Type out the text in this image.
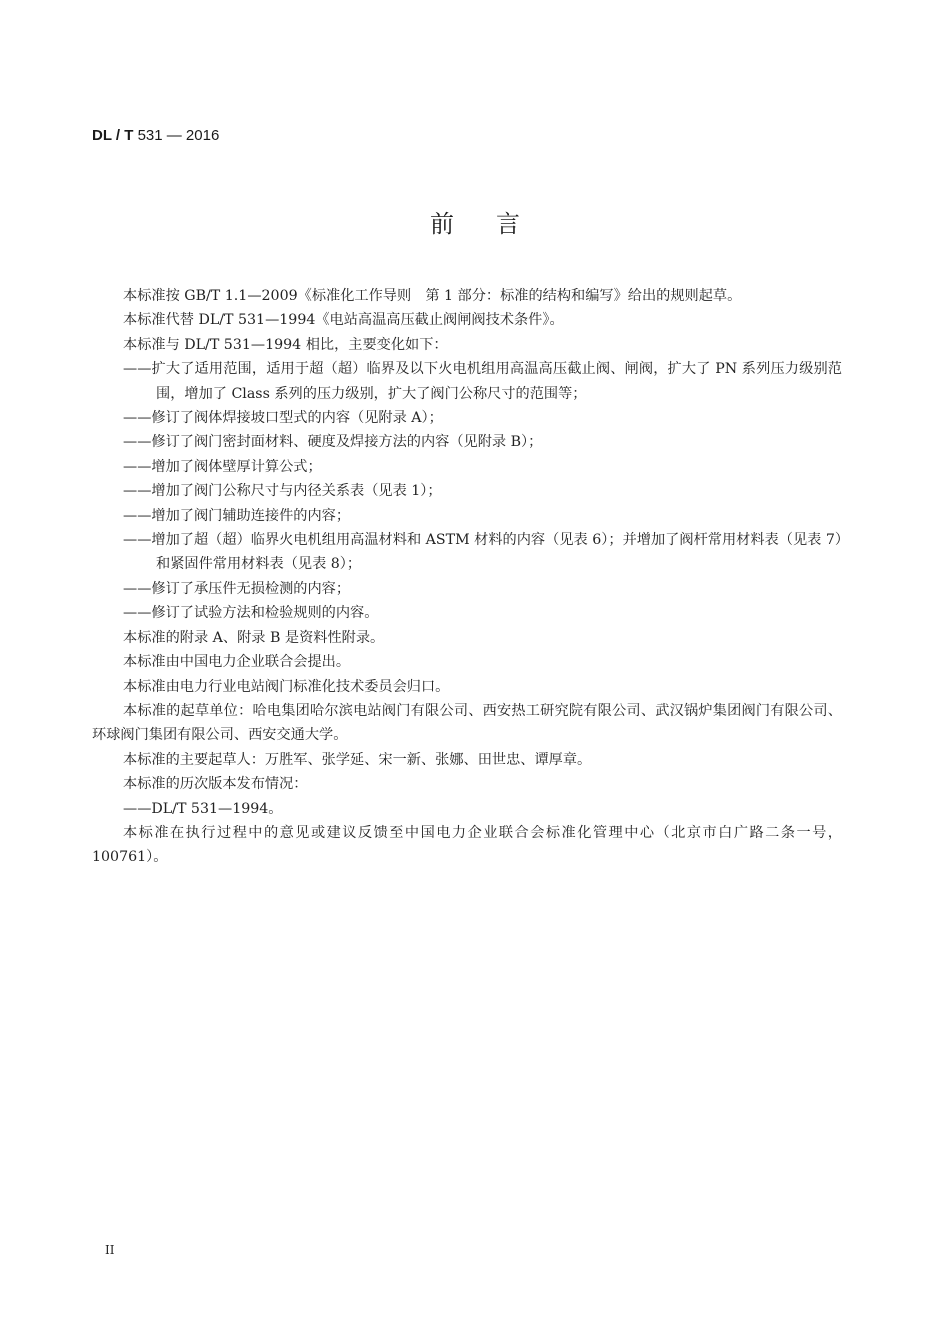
DL / T 531 — 2016
前言

本标准按 GB/T 1.1—2009《标准化工作导则　第 1 部分：标准的结构和编写》给出的规则起草。

本标准代替 DL/T 531—1994《电站高温高压截止阀闸阀技术条件》。

本标准与 DL/T 531—1994 相比，主要变化如下：

——扩大了适用范围，适用于超（超）临界及以下火电机组用高温高压截止阀、闸阀，扩大了 PN 系列压力级别范围，增加了 Class 系列的压力级别，扩大了阀门公称尺寸的范围等；

——修订了阀体焊接坡口型式的内容（见附录 A）；

——修订了阀门密封面材料、硬度及焊接方法的内容（见附录 B）；

——增加了阀体壁厚计算公式；

——增加了阀门公称尺寸与内径关系表（见表 1）；

——增加了阀门辅助连接件的内容；

——增加了超（超）临界火电机组用高温材料和 ASTM 材料的内容（见表 6）；并增加了阀杆常用材料表（见表 7）和紧固件常用材料表（见表 8）；

——修订了承压件无损检测的内容；

——修订了试验方法和检验规则的内容。

本标准的附录 A、附录 B 是资料性附录。

本标准由中国电力企业联合会提出。

本标准由电力行业电站阀门标准化技术委员会归口。

本标准的起草单位：哈电集团哈尔滨电站阀门有限公司、西安热工研究院有限公司、武汉锅炉集团阀门有限公司、环球阀门集团有限公司、西安交通大学。

本标准的主要起草人：万胜军、张学延、宋一新、张娜、田世忠、谭厚章。

本标准的历次版本发布情况：

——DL/T 531—1994。

本标准在执行过程中的意见或建议反馈至中国电力企业联合会标准化管理中心（北京市白广路二条一号，100761）。

II
